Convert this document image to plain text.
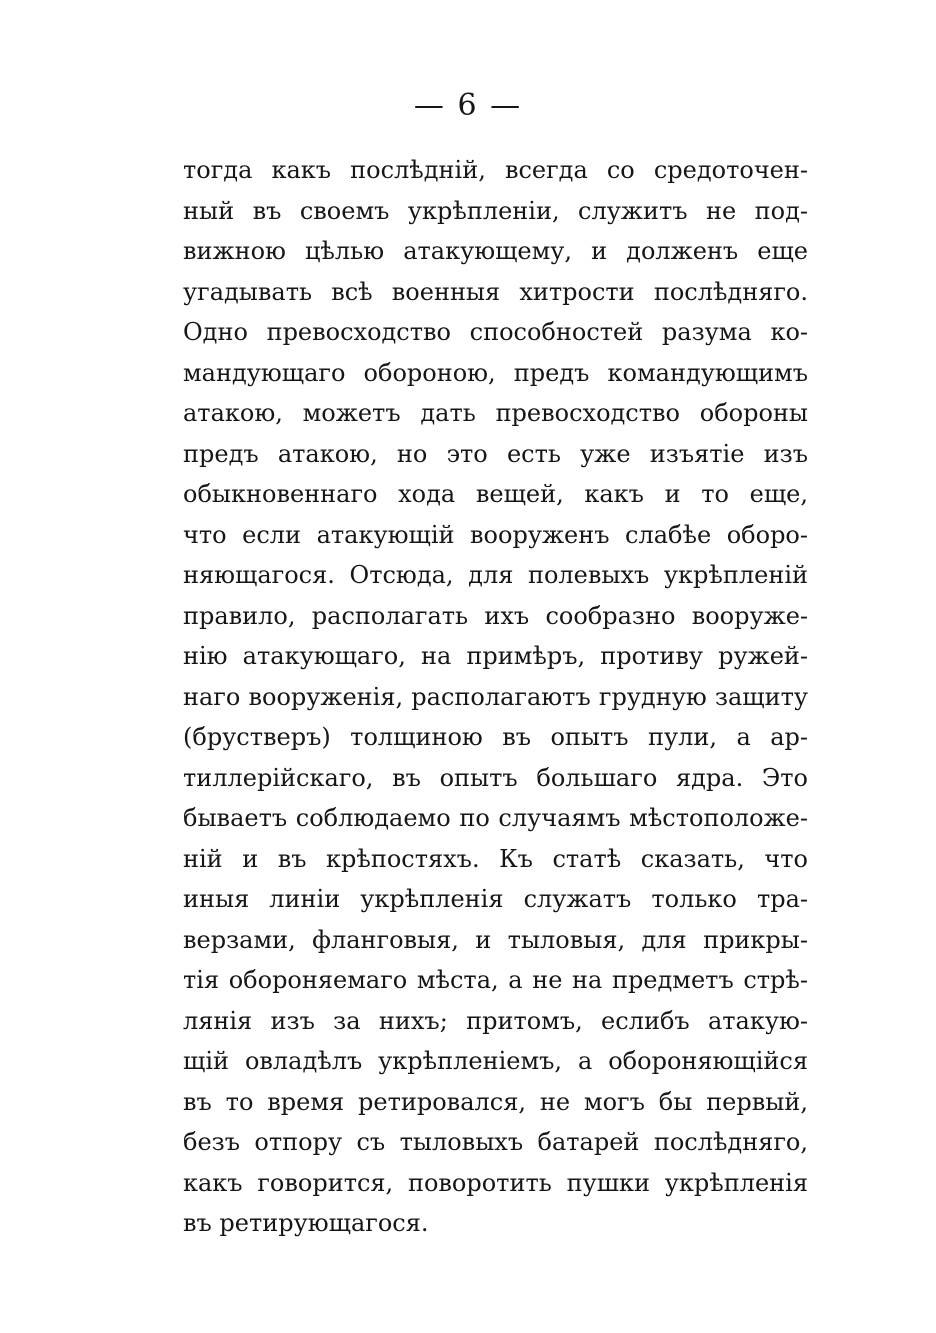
— 6 —
тогда какъ послѣдній, всегда со средоточен-
ный въ своемъ укрѣпленіи, служитъ не под-
вижною цѣлью атакующему, и долженъ еще
угадывать всѣ военныя хитрости послѣдняго.
Одно превосходство способностей разума ко-
мандующаго обороною, предъ командующимъ
атакою, можетъ дать превосходство обороны
предъ атакою, но это есть уже изъятіе изъ
обыкновеннаго хода вещей, какъ и то еще,
что если атакующій вооруженъ слабѣе оборо-
няющагося. Отсюда, для полевыхъ укрѣпленій
правило, располагать ихъ сообразно вооруже-
нію атакующаго, на примѣръ, противу ружей-
наго вооруженія, располагаютъ грудную защиту
(брустверъ) толщиною въ опытъ пули, а ар-
тиллерійскаго, въ опытъ большаго ядра. Это
бываетъ соблюдаемо по случаямъ мѣстоположе-
ній и въ крѣпостяхъ. Къ статѣ сказать, что
иныя линіи укрѣпленія служатъ только тра-
верзами, фланговыя, и тыловыя, для прикры-
тія обороняемаго мѣста, а не на предметъ стрѣ-
лянія изъ за нихъ; притомъ, еслибъ атакую-
щій овладѣлъ укрѣпленіемъ, а обороняющійся
въ то время ретировался, не могъ бы первый,
безъ отпору съ тыловыхъ батарей послѣдняго,
какъ говорится, поворотить пушки укрѣпленія
въ ретирующагося.
